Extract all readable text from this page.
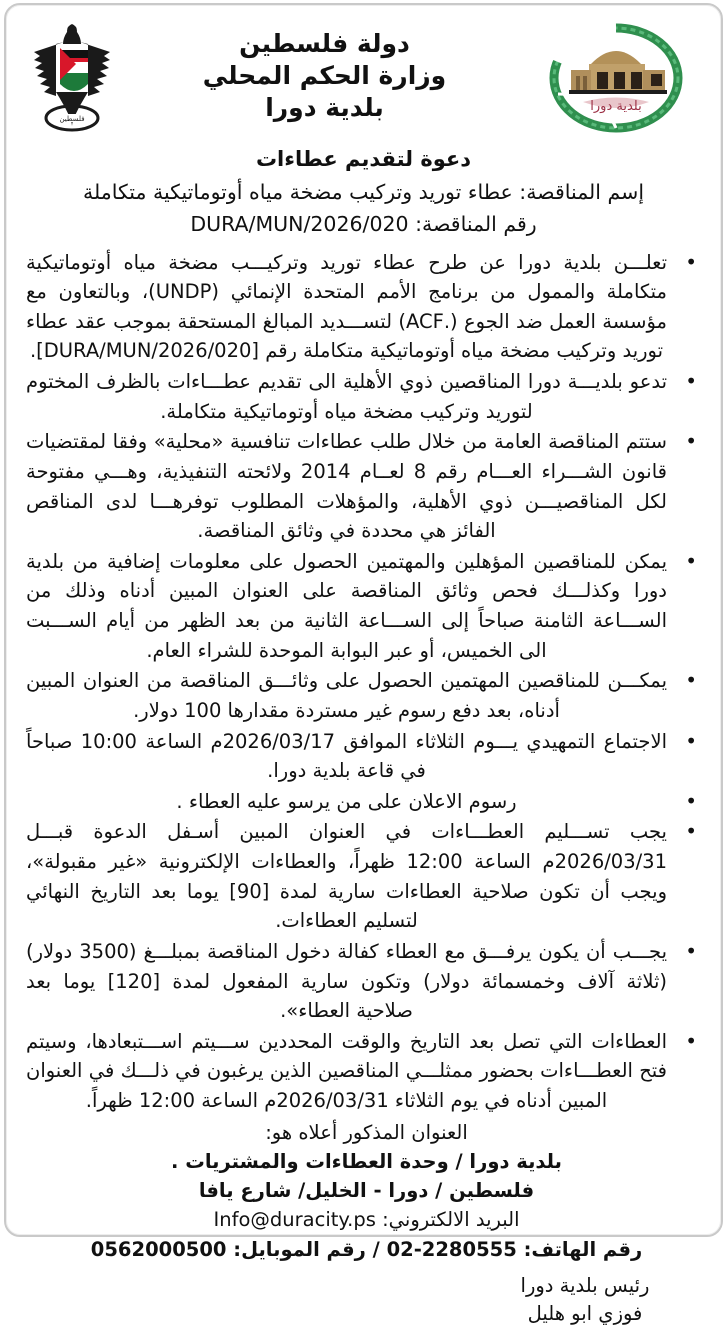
بلدية دورا
دولة فلسطين
وزارة الحكم المحلي
بلدية دورا
فلسطين
دعوة لتقديم عطاءات
إسم المناقصة: عطاء توريد وتركيب مضخة مياه أوتوماتيكية متكاملة
رقم المناقصة: DURA/MUN/2026/020
• تعلـــن بلدية دورا عن طرح عطاء توريد وتركيـــب مضخة مياه أوتوماتيكية متكاملة والممول من برنامج الأمم المتحدة الإنمائي (UNDP)، وبالتعاون مع مؤسسة العمل ضد الجوع (.ACF) لتســـديد المبالغ المستحقة بموجب عقد عطاء توريد وتركيب مضخة مياه أوتوماتيكية متكاملة رقم [DURA/MUN/2026/020].
• تدعو بلديـــة دورا المناقصين ذوي الأهلية الى تقديم عطـــاءات بالظرف المختوم لتوريد وتركيب مضخة مياه أوتوماتيكية متكاملة.
• ستتم المناقصة العامة من خلال طلب عطاءات تنافسية «محلية» وفقا لمقتضيات قانون الشـــراء العـــام رقم 8 لعــام 2014 ولائحته التنفيذية، وهـــي مفتوحة لكل المناقصيـــن ذوي الأهلية، والمؤهلات المطلوب توفرهـــا لدى المناقص الفائز هي محددة في وثائق المناقصة.
• يمكن للمناقصين المؤهلين والمهتمين الحصول على معلومات إضافية من بلدية دورا وكذلـــك فحص وثائق المناقصة على العنوان المبين أدناه وذلك من الســـاعة الثامنة صباحاً إلى الســـاعة الثانية من بعد الظهر من أيام الســـبت الى الخميس، أو عبر البوابة الموحدة للشراء العام.
• يمكـــن للمناقصين المهتمين الحصول على وثائـــق المناقصة من العنوان المبين أدناه، بعد دفع رسوم غير مستردة مقدارها 100 دولار.
• الاجتماع التمهيدي يـــوم الثلاثاء الموافق 2026/03/17م الساعة 10:00 صباحاً في قاعة بلدية دورا.
• رسوم الاعلان على من يرسو عليه العطاء .
• يجب تســـليم العطـــاءات في العنوان المبين أسـفل الدعوة قبـــل 2026/03/31م الساعة 12:00 ظهراً، والعطاءات الإلكترونية «غير مقبولة»، ويجب أن تكون صلاحية العطاءات سارية لمدة [90] يوما بعد التاريخ النهائي لتسليم العطاءات.
• يجـــب أن يكون يرفـــق مع العطاء كفالة دخول المناقصة بمبلـــغ (3500 دولار)(ثلاثة آلاف وخمسمائة دولار) وتكون سارية المفعول لمدة [120] يوما بعد صلاحية العطاء».
• العطاءات التي تصل بعد التاريخ والوقت المحددين ســـيتم اســـتبعادها، وسيتم فتح العطـــاءات بحضور ممثلـــي المناقصين الذين يرغبون في ذلـــك في العنوان المبين أدناه في يوم الثلاثاء 2026/03/31م الساعة 12:00 ظهراً.
العنوان المذكور أعلاه هو:
بلدية دورا / وحدة العطاءات والمشتريات .
فلسطين / دورا - الخليل/ شارع يافا
البريد الالكتروني: Info@duracity.ps
رقم الهاتف: 02-2280555 / رقم الموبايل: 0562000500
رئيس بلدية دورا
فوزي ابو هليل
